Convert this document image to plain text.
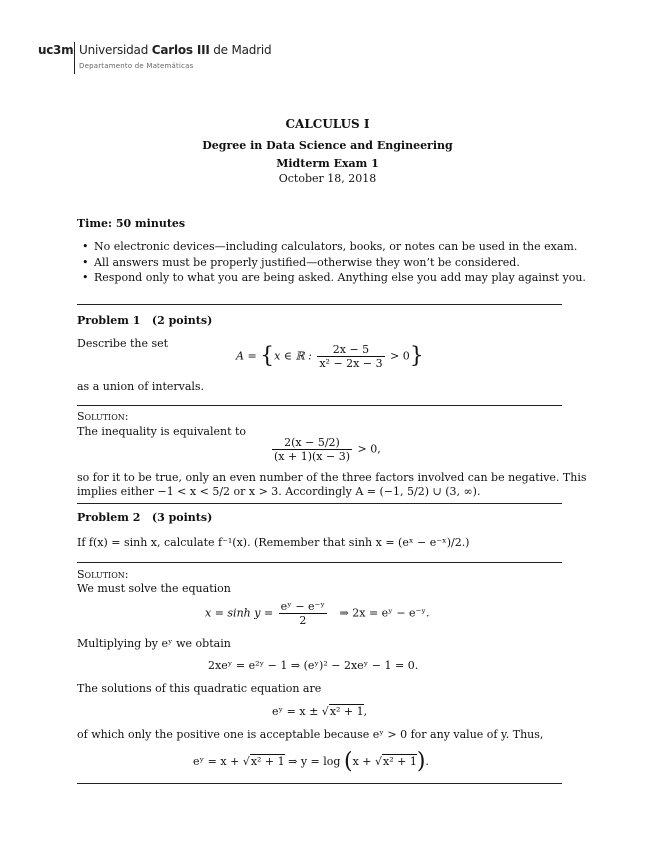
uc3m Universidad Carlos III de Madrid
Departamento de Matemáticas
CALCULUS I
Degree in Data Science and Engineering
Midterm Exam 1
October 18, 2018
Time: 50 minutes
• No electronic devices—including calculators, books, or notes can be used in the exam.
• All answers must be properly justified—otherwise they won’t be considered.
• Respond only to what you are being asked. Anything else you add may play against you.
Problem 1 (2 points)
Describe the set
A = {x ∈ ℝ : $\frac{2x - 5}{\text{x² − 2x − 3}} > 0$}
as a union of intervals.
Solution:
The inequality is equivalent to
$\frac{2(x - 5/2)}{(x + 1)(x - 3)} > 0$,
so for it to be true, only an even number of the three factors involved can be negative. This
implies either −1 < x < 5/2 or x > 3. Accordingly A = (−1, 5/2) ∪ (3, ∞).
Problem 2 (3 points)
If f(x) = sinh x, calculate f⁻¹(x). (Remember that sinh x = (eˣ − e⁻ˣ)/2.)
Solution:
We must solve the equation
$x = \sinh y = \frac{\text{eʸ − e⁻ʸ}}{2}$ ⇒ 2x = eʸ − e⁻ʸ.
Multiplying by eʸ we obtain
2xeʸ = e²ʸ − 1 ⇒ (eʸ)² − 2xeʸ − 1 = 0.
The solutions of this quadratic equation are
eʸ = x ± √x² + 1,
of which only the positive one is acceptable because eʸ > 0 for any value of y. Thus,
eʸ = x + √x² + 1 ⇒ y = log (x + √x² + 1).
